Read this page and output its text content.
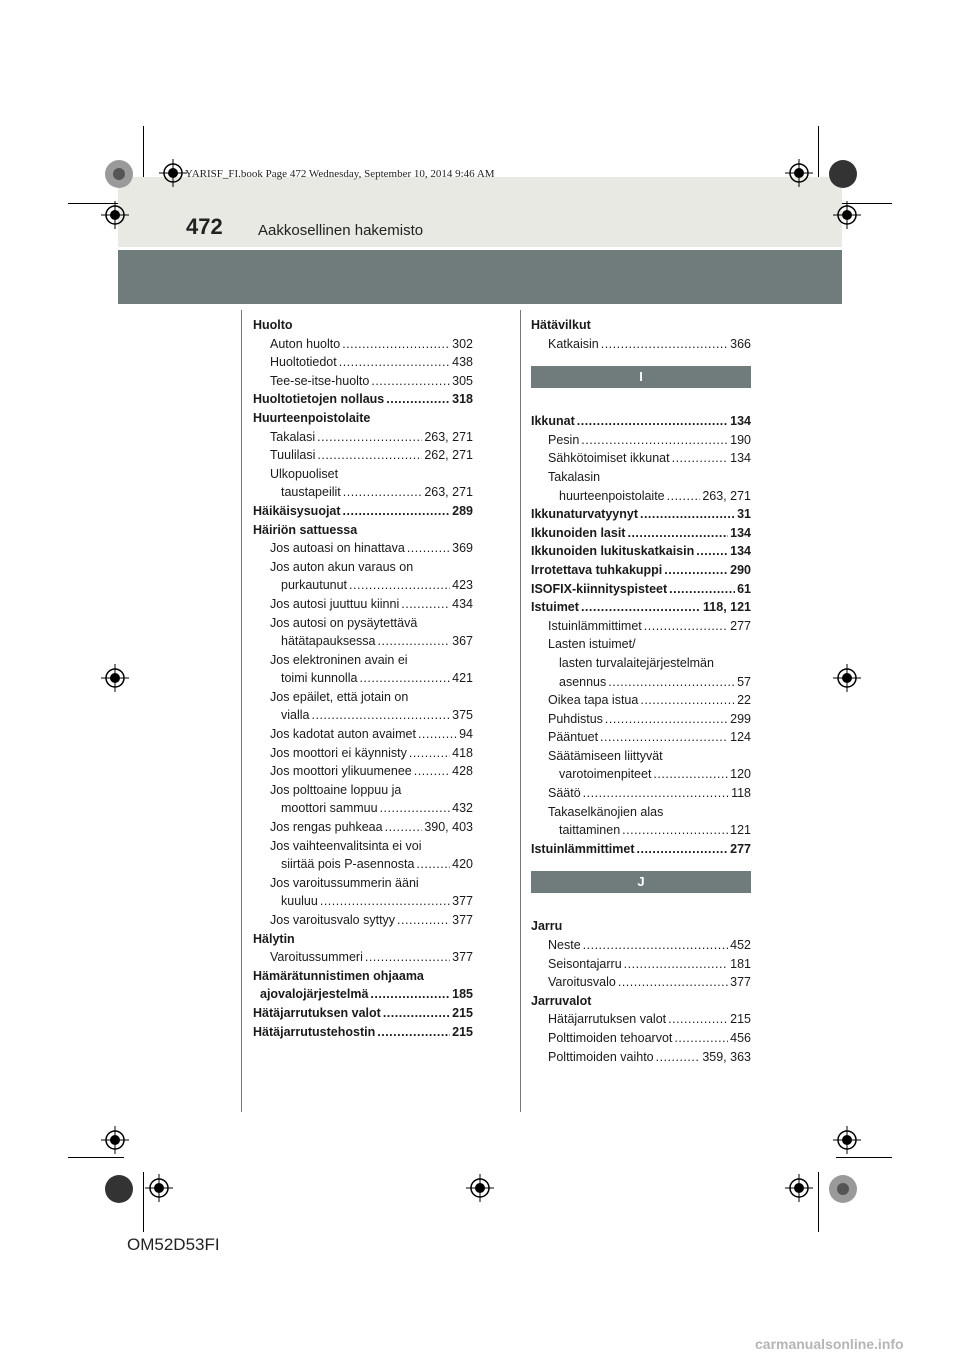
YARISF_FI.book Page 472 Wednesday, September 10, 2014 9:46 AM
472 Aakkosellinen hakemisto
Huolto
Auton huolto .....	302
Huoltotiedot .....	438
Tee-se-itse-huolto .....	305
Huoltotietojen nollaus .....	318
Huurteenpoistolaite
Takalasi .....	263, 271
Tuulilasi .....	262, 271
Ulkopuoliset
taustapeilit .....	263, 271
Häikäisysuojat .....	289
Häiriön sattuessa
Jos autoasi on hinattava .....	369
Jos auton akun varaus on
purkautunut .....	423
Jos autosi juuttuu kiinni .....	434
Jos autosi on pysäytettävä
hätätapauksessa .....	367
Jos elektroninen avain ei
toimi kunnolla .....	421
Jos epäilet, että jotain on
vialla .....	375
Jos kadotat auton avaimet .....	94
Jos moottori ei käynnisty .....	418
Jos moottori ylikuumenee .....	428
Jos polttoaine loppuu ja
moottori sammuu .....	432
Jos rengas puhkeaa .....	390, 403
Jos vaihteenvalitsinta ei voi
siirtää pois P-asennosta .....	420
Jos varoitussummerin ääni
kuuluu .....	377
Jos varoitusvalo syttyy .....	377
Hälytin
Varoitussummeri .....	377
Hämärätunnistimen ohjaama
ajovalojärjestelmä .....	185
Hätäjarrutuksen valot .....	215
Hätäjarrutustehostin .....	215
Hätävilkut
Katkaisin .....	366
I
Ikkunat .....	134
Pesin .....	190
Sähkötoimiset ikkunat .....	134
Takalasin
huurteenpoistolaite .....	263, 271
Ikkunaturvatyynyt .....	31
Ikkunoiden lasit .....	134
Ikkunoiden lukituskatkaisin .....	134
Irrotettava tuhkakuppi .....	290
ISOFIX-kiinnityspisteet .....	61
Istuimet .....	118, 121
Istuinlämmittimet .....	277
Lasten istuimet/
lasten turvalaitejärjestelmän
asennus .....	57
Oikea tapa istua .....	22
Puhdistus .....	299
Pääntuet .....	124
Säätämiseen liittyvät
varotoimenpiteet .....	120
Säätö .....	118
Takaselkänojien alas
taittaminen .....	121
Istuinlämmittimet .....	277
J
Jarru
Neste .....	452
Seisontajarru .....	181
Varoitusvalo .....	377
Jarruvalot
Hätäjarrutuksen valot .....	215
Polttimoiden tehoarvot .....	456
Polttimoiden vaihto .....	359, 363
OM52D53FI
carmanualsonline.info
